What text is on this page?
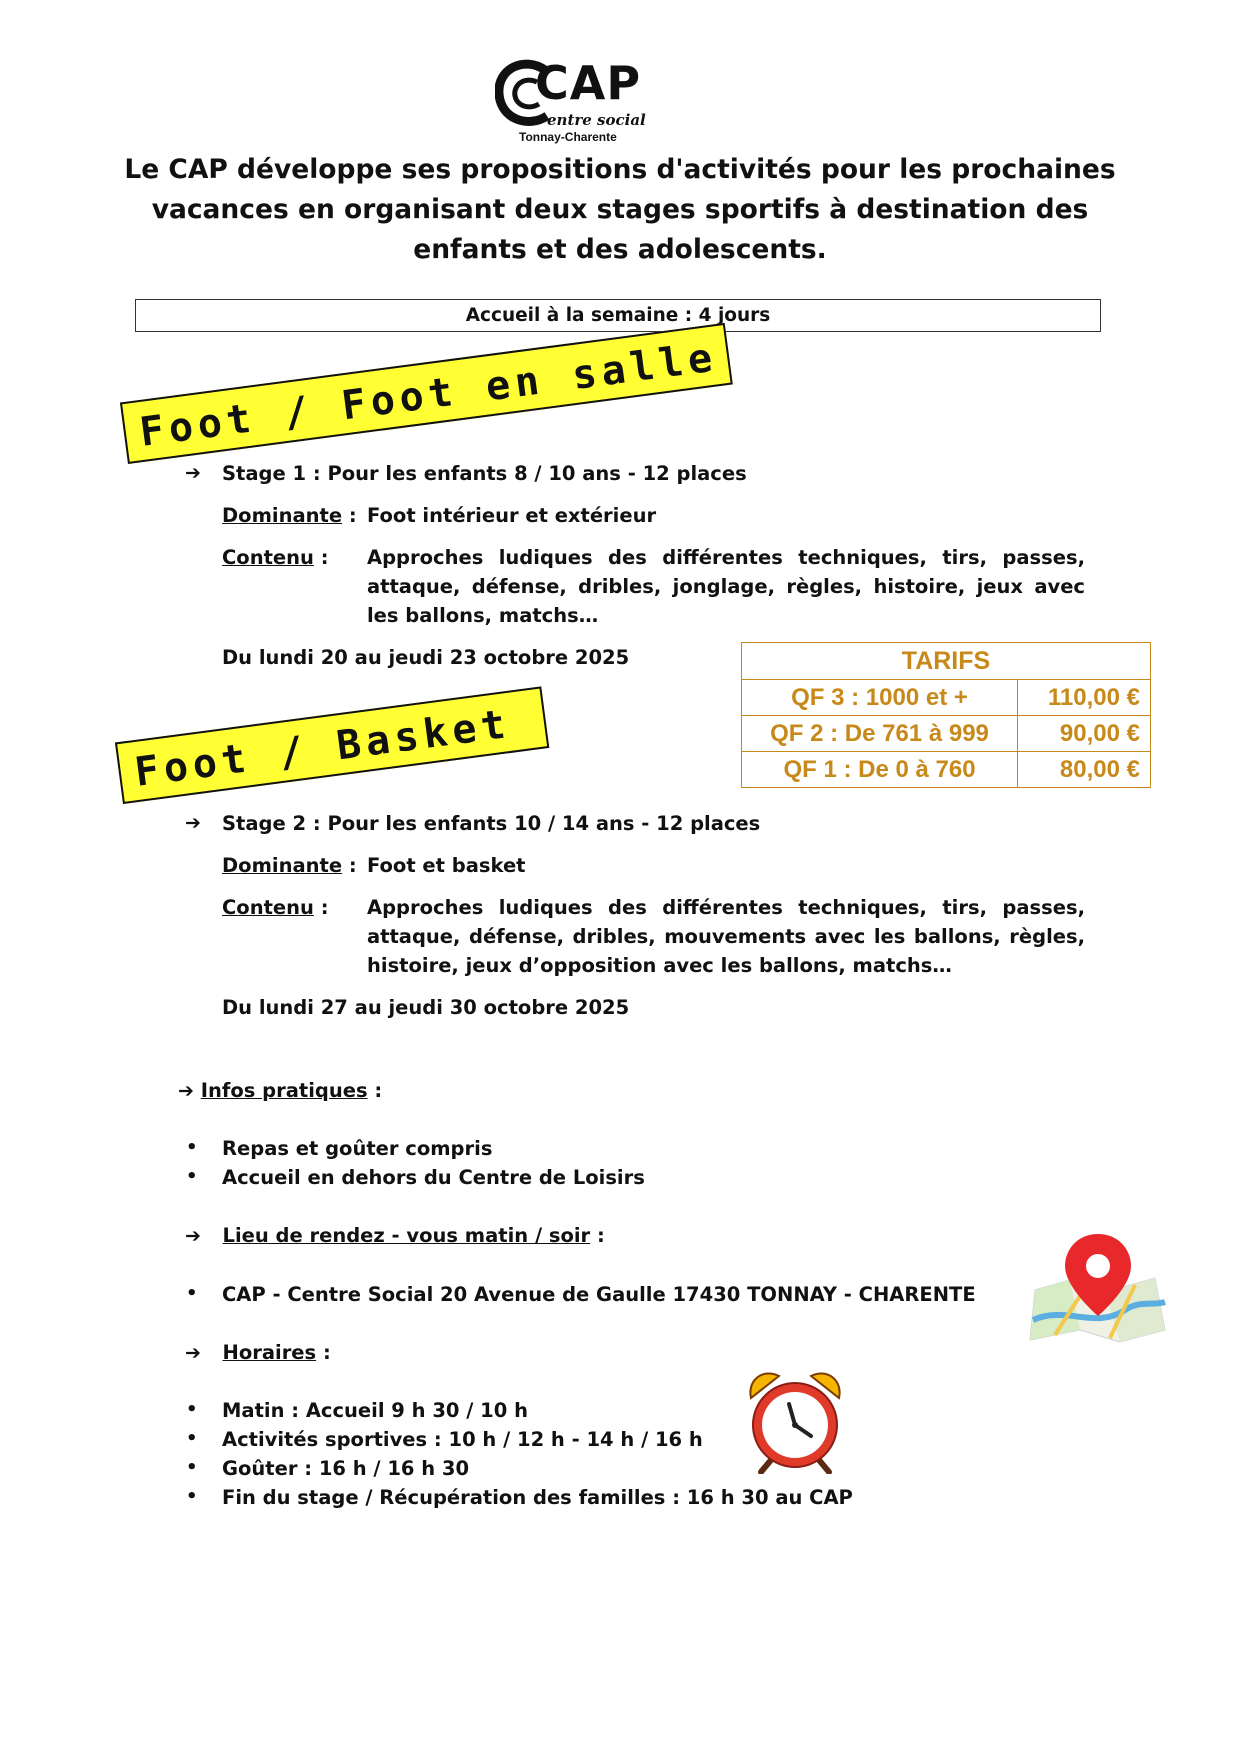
CAP
entre social
Tonnay-Charente
Le CAP développe ses propositions d'activités pour les prochaines vacances en organisant deux stages sportifs à destination des enfants et des adolescents.
Accueil à la semaine : 4 jours
Foot / Foot en salle
➔ Stage 1 : Pour les enfants 8 / 10 ans - 12 places
Dominante : Foot intérieur et extérieur
Contenu : Approches ludiques des différentes techniques, tirs, passes, attaque, défense, dribles, jonglage, règles, histoire, jeux avec les ballons, matchs…
Du lundi 20 au jeudi 23 octobre 2025	TARIFS	
QF 3 : 1000 et +	110,00 €
QF 2 : De 761 à 999	90,00 €
QF 1 : De 0 à 760	80,00 €
Foot / Basket
➔ Stage 2 : Pour les enfants 10 / 14 ans - 12 places
Dominante : Foot et basket
Contenu : Approches ludiques des différentes techniques, tirs, passes, attaque, défense, dribles, mouvements avec les ballons, règles, histoire, jeux d’opposition avec les ballons, matchs…
Du lundi 27 au jeudi 30 octobre 2025
➔ Infos pratiques :
• Repas et goûter compris
• Accueil en dehors du Centre de Loisirs
➔ Lieu de rendez - vous matin / soir :
• CAP - Centre Social 20 Avenue de Gaulle 17430 TONNAY - CHARENTE
➔ Horaires :
• Matin : Accueil 9 h 30 / 10 h
• Activités sportives : 10 h / 12 h - 14 h / 16 h
• Goûter : 16 h / 16 h 30
• Fin du stage / Récupération des familles : 16 h 30 au CAP
